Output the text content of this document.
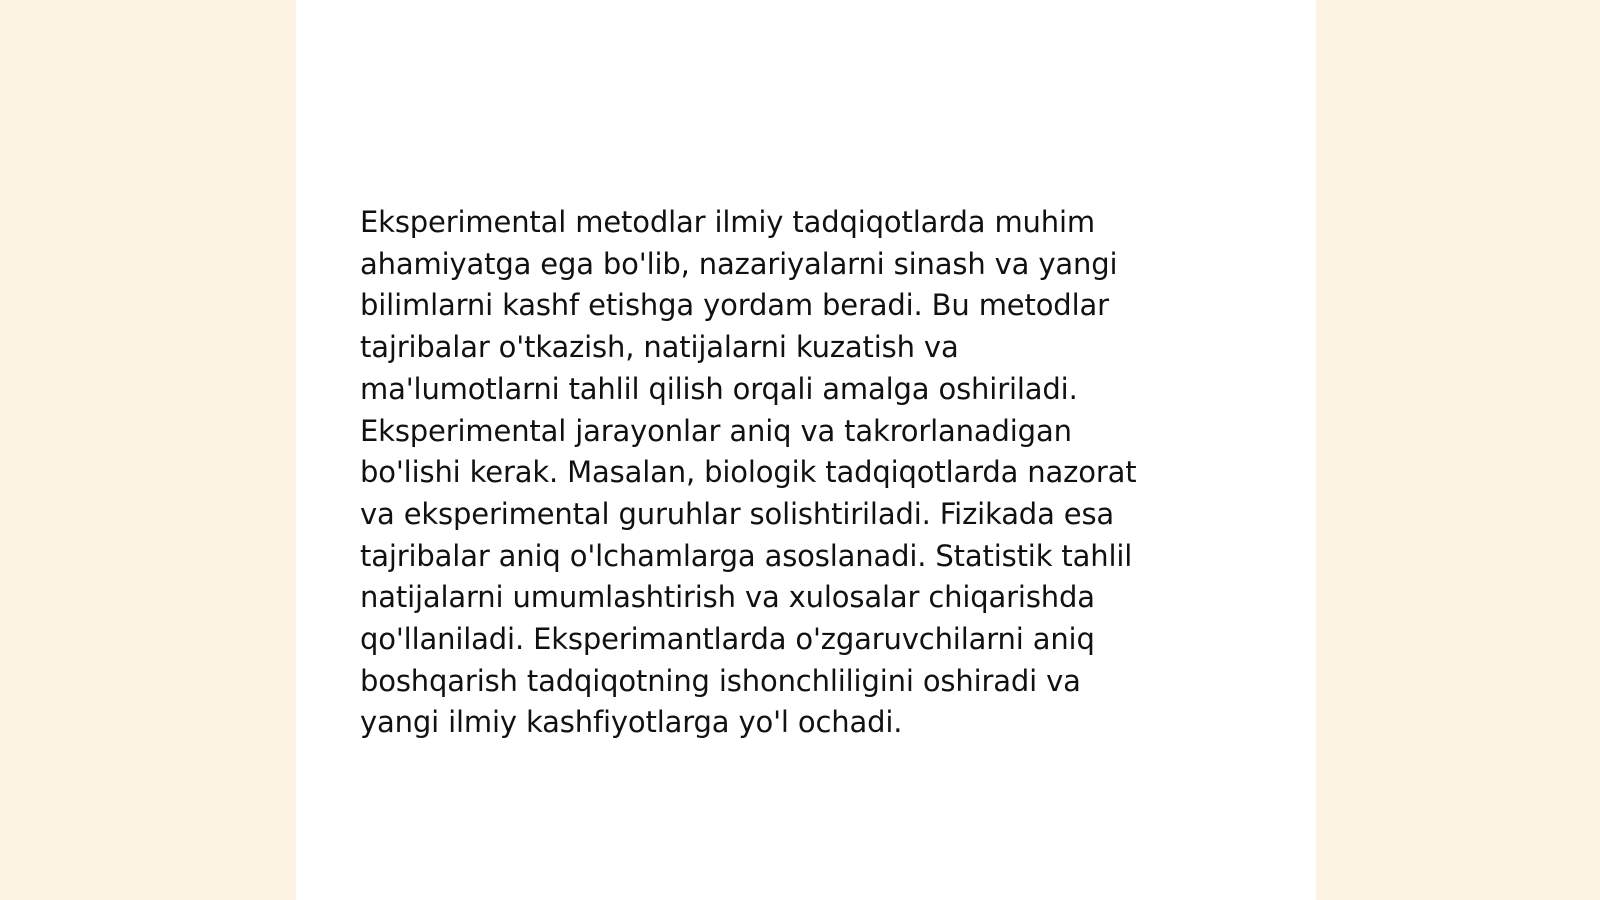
Eksperimental metodlar ilmiy tadqiqotlarda muhim
ahamiyatga ega bo'lib, nazariyalarni sinash va yangi
bilimlarni kashf etishga yordam beradi. Bu metodlar
tajribalar o'tkazish, natijalarni kuzatish va
ma'lumotlarni tahlil qilish orqali amalga oshiriladi.
Eksperimental jarayonlar aniq va takrorlanadigan
bo'lishi kerak. Masalan, biologik tadqiqotlarda nazorat
va eksperimental guruhlar solishtiriladi. Fizikada esa
tajribalar aniq o'lchamlarga asoslanadi. Statistik tahlil
natijalarni umumlashtirish va xulosalar chiqarishda
qo'llaniladi. Eksperimantlarda o'zgaruvchilarni aniq
boshqarish tadqiqotning ishonchliligini oshiradi va
yangi ilmiy kashfiyotlarga yo'l ochadi.
